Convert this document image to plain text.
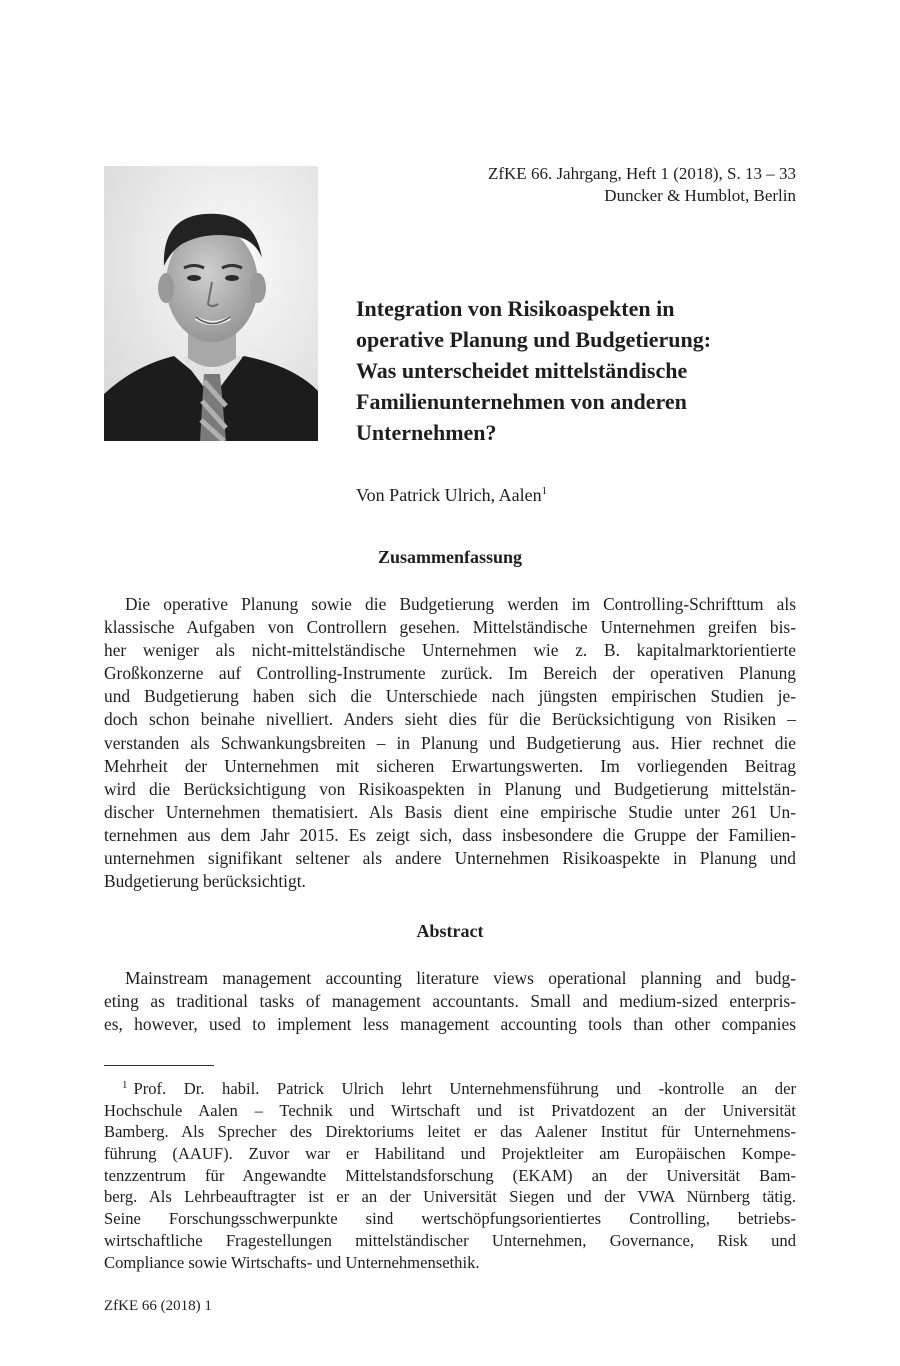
ZfKE 66. Jahrgang, Heft 1 (2018), S. 13 – 33
Duncker & Humblot, Berlin
Integration von Risikoaspekten in
operative Planung und Budgetierung:
Was unterscheidet mittelständische
Familienunternehmen von anderen
Unternehmen?
Von Patrick Ulrich, Aalen$^1$
Zusammenfassung

Die operative Planung sowie die Budgetierung werden im Controlling-Schrifttum als
klassische Aufgaben von Controllern gesehen. Mittelständische Unternehmen greifen bis-
her weniger als nicht-mittelständische Unternehmen wie z. B. kapitalmarktorientierte
Großkonzerne auf Controlling-Instrumente zurück. Im Bereich der operativen Planung
und Budgetierung haben sich die Unterschiede nach jüngsten empirischen Studien je-
doch schon beinahe nivelliert. Anders sieht dies für die Berücksichtigung von Risiken –
verstanden als Schwankungsbreiten – in Planung und Budgetierung aus. Hier rechnet die
Mehrheit der Unternehmen mit sicheren Erwartungswerten. Im vorliegenden Beitrag
wird die Berücksichtigung von Risikoaspekten in Planung und Budgetierung mittelstän-
discher Unternehmen thematisiert. Als Basis dient eine empirische Studie unter 261 Un-
ternehmen aus dem Jahr 2015. Es zeigt sich, dass insbesondere die Gruppe der Familien-
unternehmen signifikant seltener als andere Unternehmen Risikoaspekte in Planung und
Budgetierung berücksichtigt.

Abstract

Mainstream management accounting literature views operational planning and budg-
eting as traditional tasks of management accountants. Small and medium-sized enterpris-
es, however, used to implement less management accounting tools than other companies

$^1$ Prof. Dr. habil. Patrick Ulrich lehrt Unternehmensführung und -kontrolle an der
Hochschule Aalen – Technik und Wirtschaft und ist Privatdozent an der Universität
Bamberg. Als Sprecher des Direktoriums leitet er das Aalener Institut für Unternehmens-
führung (AAUF). Zuvor war er Habilitand und Projektleiter am Europäischen Kompe-
tenzzentrum für Angewandte Mittelstandsforschung (EKAM) an der Universität Bam-
berg. Als Lehrbeauftragter ist er an der Universität Siegen und der VWA Nürnberg tätig.
Seine Forschungsschwerpunkte sind wertschöpfungsorientiertes Controlling, betriebs-
wirtschaftliche Fragestellungen mittelständischer Unternehmen, Governance, Risk und
Compliance sowie Wirtschafts- und Unternehmensethik.
ZfKE 66 (2018) 1
